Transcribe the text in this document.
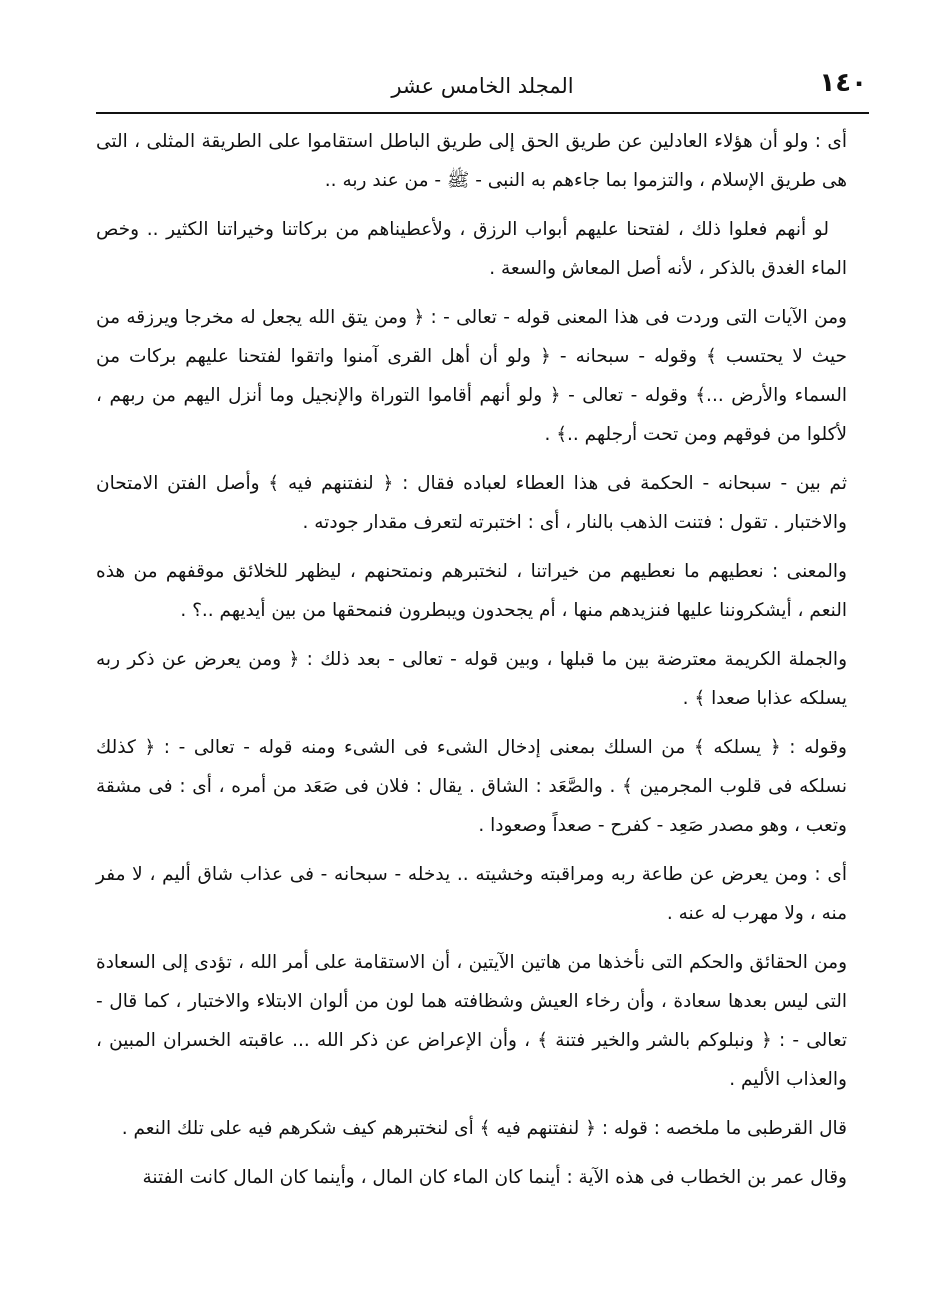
١٤٠
المجلد الخامس عشر

أى : ولو أن هؤلاء العادلين عن طريق الحق إلى طريق الباطل استقاموا على الطريقة المثلى ، التى هى طريق الإسلام ، والتزموا بما جاءهم به النبى - ﷺ - من عند ربه ..

لو أنهم فعلوا ذلك ، لفتحنا عليهم أبواب الرزق ، ولأعطيناهم من بركاتنا وخيراتنا الكثير .. وخص الماء الغدق بالذكر ، لأنه أصل المعاش والسعة .

ومن الآيات التى وردت فى هذا المعنى قوله - تعالى - : ﴿ ومن يتق الله يجعل له مخرجا ويرزقه من حيث لا يحتسب ﴾ وقوله - سبحانه - ﴿ ولو أن أهل القرى آمنوا واتقوا لفتحنا عليهم بركات من السماء والأرض ...﴾ وقوله - تعالى - ﴿ ولو أنهم أقاموا التوراة والإنجيل وما أنزل اليهم من ربهم ، لأكلوا من فوقهم ومن تحت أرجلهم ..﴾ .

ثم بين - سبحانه - الحكمة فى هذا العطاء لعباده فقال : ﴿ لنفتنهم فيه ﴾ وأصل الفتن الامتحان والاختبار . تقول : فتنت الذهب بالنار ، أى : اختبرته لتعرف مقدار جودته .

والمعنى : نعطيهم ما نعطيهم من خيراتنا ، لنختبرهم ونمتحنهم ، ليظهر للخلائق موقفهم من هذه النعم ، أيشكروننا عليها فنزيدهم منها ، أم يجحدون ويبطرون فنمحقها من بين أيديهم ..؟ .

والجملة الكريمة معترضة بين ما قبلها ، وبين قوله - تعالى - بعد ذلك : ﴿ ومن يعرض عن ذكر ربه يسلكه عذابا صعدا ﴾ .

وقوله : ﴿ يسلكه ﴾ من السلك بمعنى إدخال الشىء فى الشىء ومنه قوله - تعالى - : ﴿ كذلك نسلكه فى قلوب المجرمين ﴾ . والصَّعَد : الشاق . يقال : فلان فى صَعَد من أمره ، أى : فى مشقة وتعب ، وهو مصدر صَعِد - كفرح - صعداً وصعودا .

أى : ومن يعرض عن طاعة ربه ومراقبته وخشيته .. يدخله - سبحانه - فى عذاب شاق أليم ، لا مفر منه ، ولا مهرب له عنه .

ومن الحقائق والحكم التى نأخذها من هاتين الآيتين ، أن الاستقامة على أمر الله ، تؤدى إلى السعادة التى ليس بعدها سعادة ، وأن رخاء العيش وشظافته هما لون من ألوان الابتلاء والاختبار ، كما قال - تعالى - : ﴿ ونبلوكم بالشر والخير فتنة ﴾ ، وأن الإعراض عن ذكر الله ... عاقبته الخسران المبين ، والعذاب الأليم .

قال القرطبى ما ملخصه : قوله : ﴿ لنفتنهم فيه ﴾ أى لنختبرهم كيف شكرهم فيه على تلك النعم .

وقال عمر بن الخطاب فى هذه الآية : أينما كان الماء كان المال ، وأينما كان المال كانت الفتنة
